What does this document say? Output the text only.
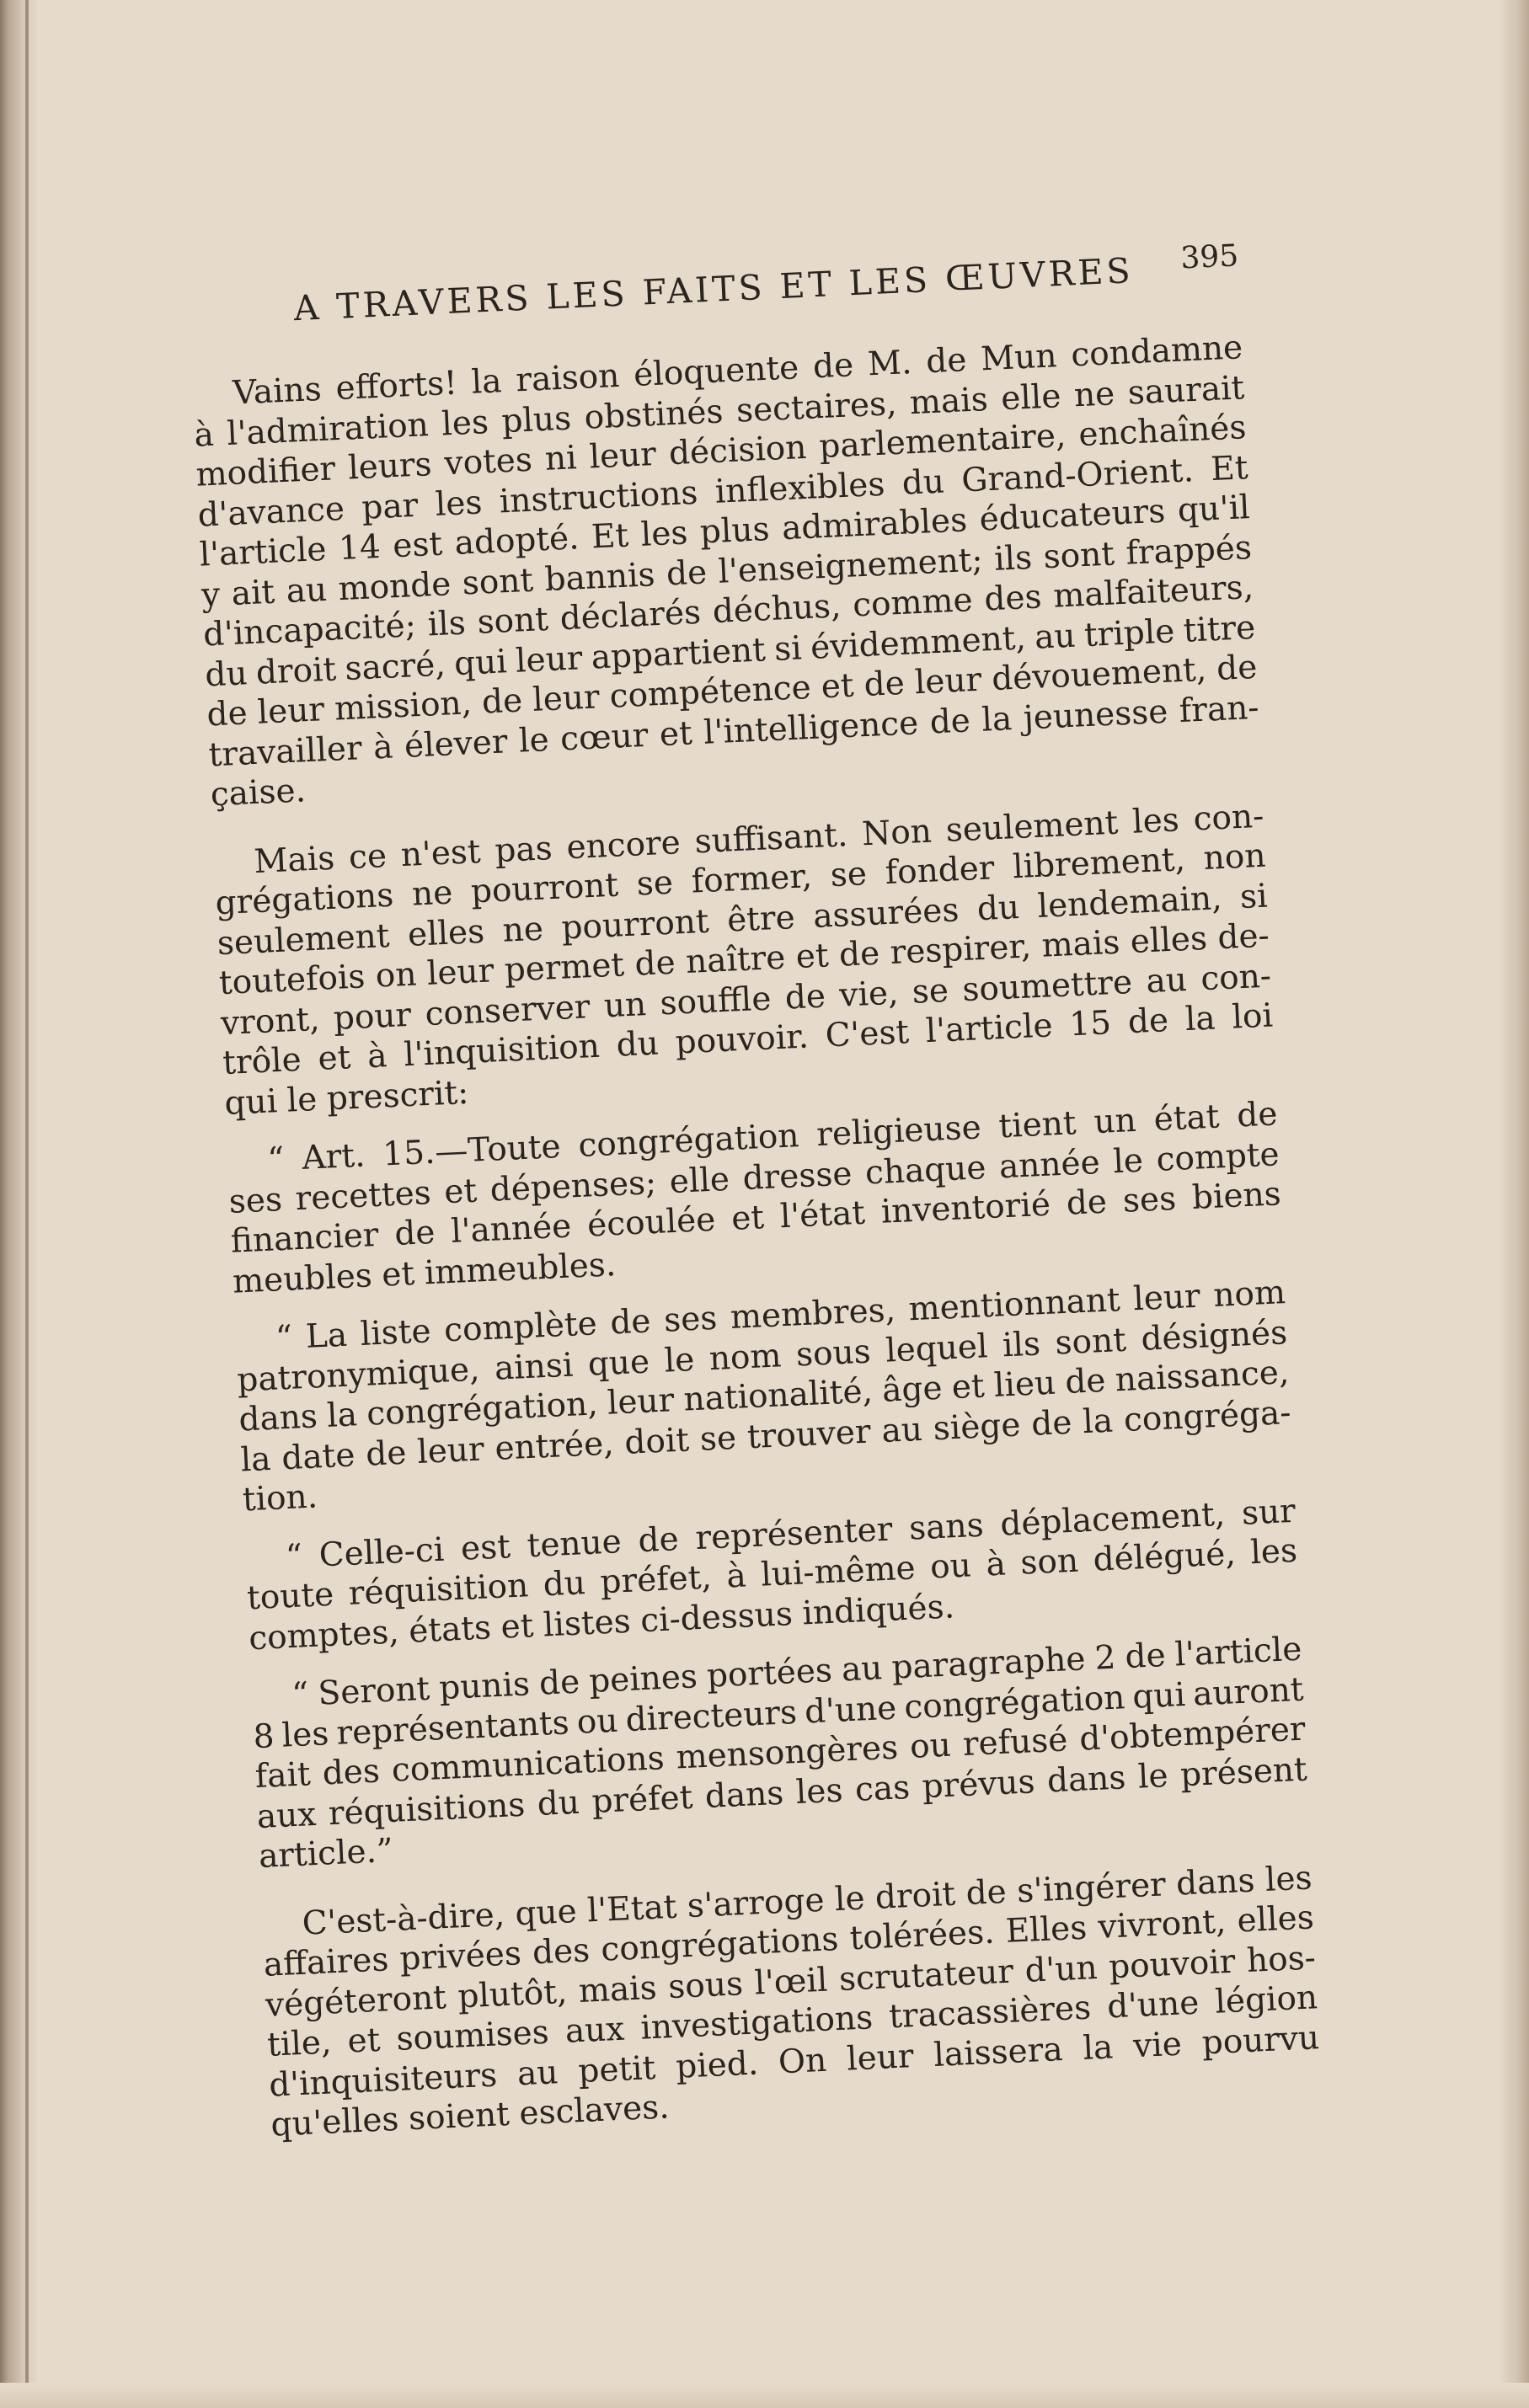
A TRAVERS LES FAITS ET LES ŒUVRES 395
Vains efforts! la raison éloquente de M. de Mun condamne
à l'admiration les plus obstinés sectaires, mais elle ne saurait
modifier leurs votes ni leur décision parlementaire, enchaînés
d'avance par les instructions inflexibles du Grand-Orient. Et
l'article 14 est adopté. Et les plus admirables éducateurs qu'il
y ait au monde sont bannis de l'enseignement; ils sont frappés
d'incapacité; ils sont déclarés déchus, comme des malfaiteurs,
du droit sacré, qui leur appartient si évidemment, au triple titre
de leur mission, de leur compétence et de leur dévouement, de
travailler à élever le cœur et l'intelligence de la jeunesse fran-
çaise.
Mais ce n'est pas encore suffisant. Non seulement les con-
grégations ne pourront se former, se fonder librement, non
seulement elles ne pourront être assurées du lendemain, si
toutefois on leur permet de naître et de respirer, mais elles de-
vront, pour conserver un souffle de vie, se soumettre au con-
trôle et à l'inquisition du pouvoir. C'est l'article 15 de la loi
qui le prescrit:
“ Art. 15.—Toute congrégation religieuse tient un état de
ses recettes et dépenses; elle dresse chaque année le compte
financier de l'année écoulée et l'état inventorié de ses biens
meubles et immeubles.
“ La liste complète de ses membres, mentionnant leur nom
patronymique, ainsi que le nom sous lequel ils sont désignés
dans la congrégation, leur nationalité, âge et lieu de naissance,
la date de leur entrée, doit se trouver au siège de la congréga-
tion.
“ Celle-ci est tenue de représenter sans déplacement, sur
toute réquisition du préfet, à lui-même ou à son délégué, les
comptes, états et listes ci-dessus indiqués.
“ Seront punis de peines portées au paragraphe 2 de l'article
8 les représentants ou directeurs d'une congrégation qui auront
fait des communications mensongères ou refusé d'obtempérer
aux réquisitions du préfet dans les cas prévus dans le présent
article.”
C'est-à-dire, que l'Etat s'arroge le droit de s'ingérer dans les
affaires privées des congrégations tolérées. Elles vivront, elles
végéteront plutôt, mais sous l'œil scrutateur d'un pouvoir hos-
tile, et soumises aux investigations tracassières d'une légion
d'inquisiteurs au petit pied. On leur laissera la vie pourvu
qu'elles soient esclaves.
